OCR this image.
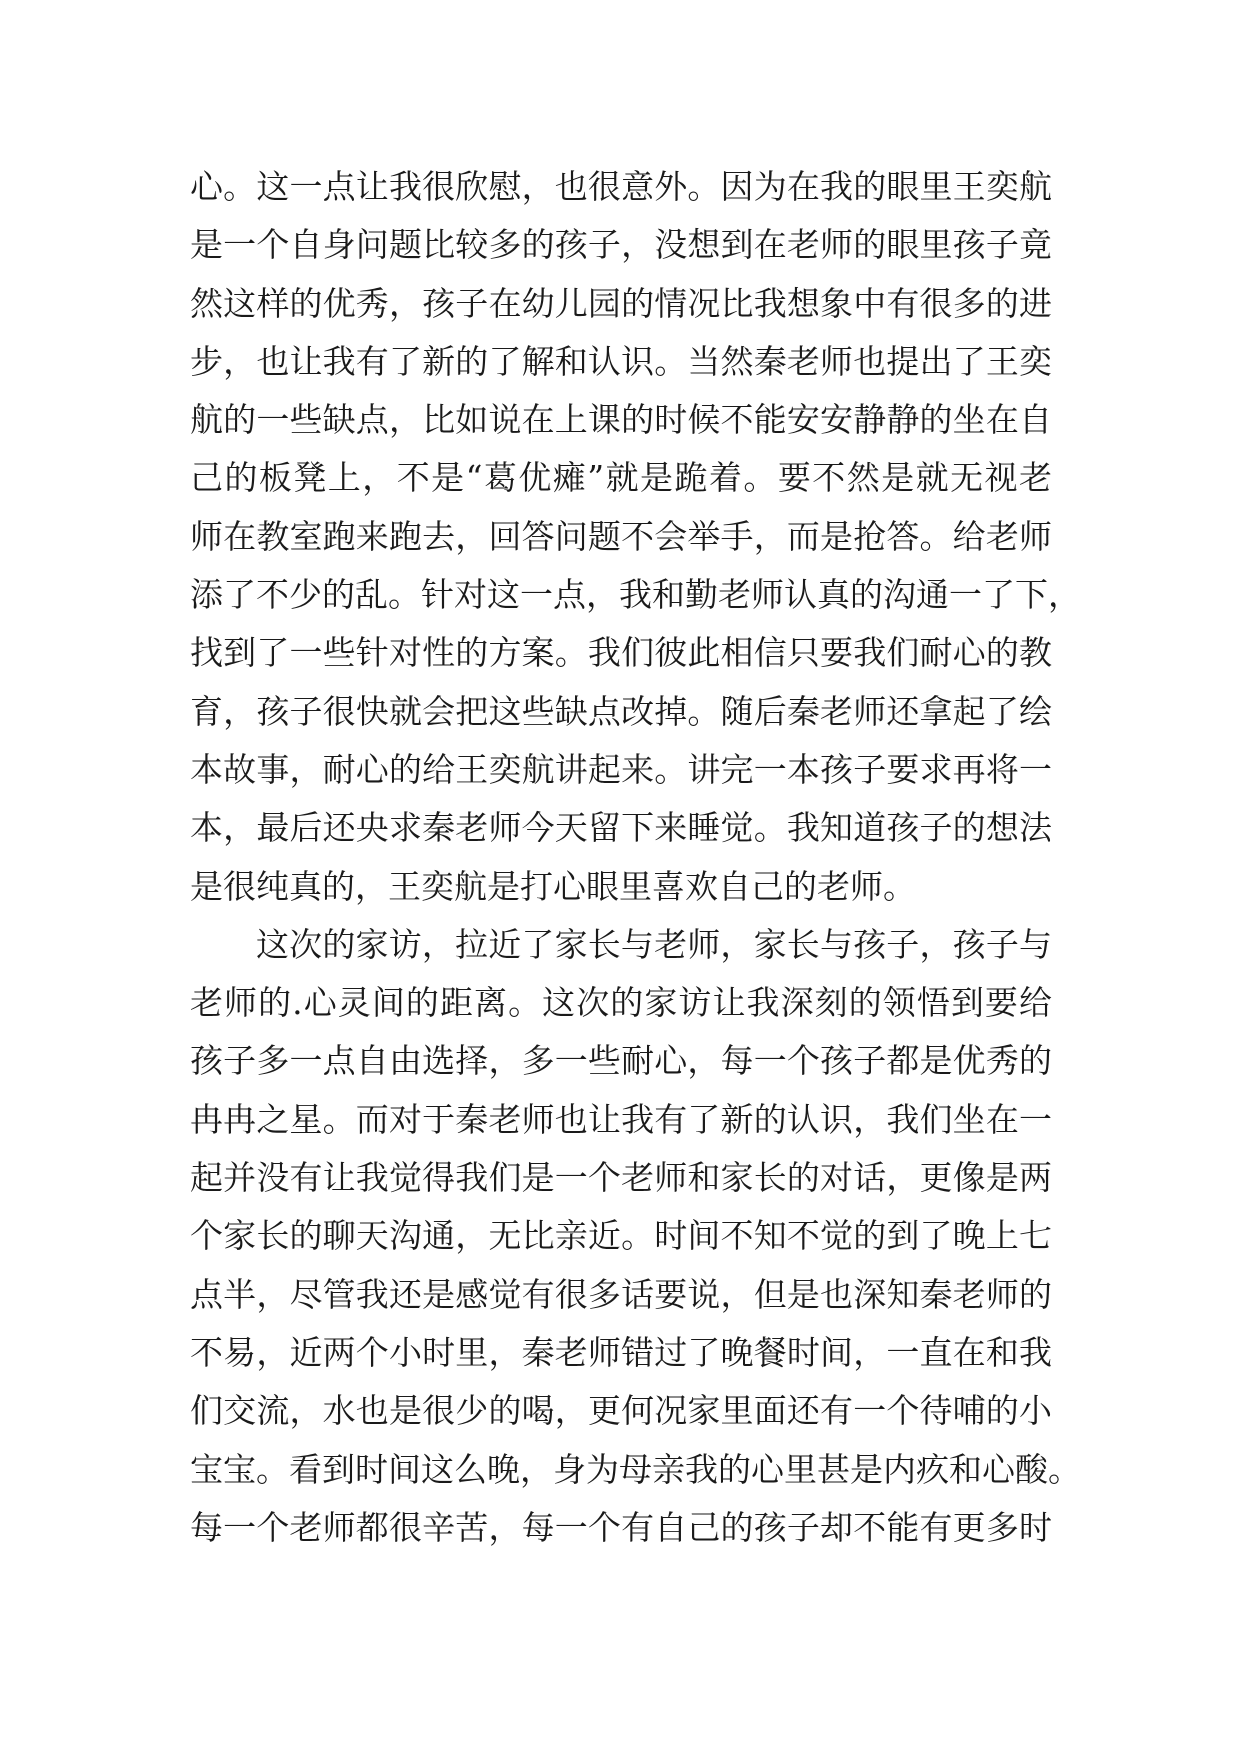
心。这一点让我很欣慰，也很意外。因为在我的眼里王奕航
是一个自身问题比较多的孩子，没想到在老师的眼里孩子竟
然这样的优秀，孩子在幼儿园的情况比我想象中有很多的进
步，也让我有了新的了解和认识。当然秦老师也提出了王奕
航的一些缺点，比如说在上课的时候不能安安静静的坐在自
己的板凳上，不是“葛优瘫”就是跪着。要不然是就无视老
师在教室跑来跑去，回答问题不会举手，而是抢答。给老师
添了不少的乱。针对这一点，我和勤老师认真的沟通一了下，
找到了一些针对性的方案。我们彼此相信只要我们耐心的教
育，孩子很快就会把这些缺点改掉。随后秦老师还拿起了绘
本故事，耐心的给王奕航讲起来。讲完一本孩子要求再将一
本，最后还央求秦老师今天留下来睡觉。我知道孩子的想法
是很纯真的，王奕航是打心眼里喜欢自己的老师。
这次的家访，拉近了家长与老师，家长与孩子，孩子与
老师的.心灵间的距离。这次的家访让我深刻的领悟到要给
孩子多一点自由选择，多一些耐心，每一个孩子都是优秀的
冉冉之星。而对于秦老师也让我有了新的认识，我们坐在一
起并没有让我觉得我们是一个老师和家长的对话，更像是两
个家长的聊天沟通，无比亲近。时间不知不觉的到了晚上七
点半，尽管我还是感觉有很多话要说，但是也深知秦老师的
不易，近两个小时里，秦老师错过了晚餐时间，一直在和我
们交流，水也是很少的喝，更何况家里面还有一个待哺的小
宝宝。看到时间这么晚，身为母亲我的心里甚是内疚和心酸。
每一个老师都很辛苦，每一个有自己的孩子却不能有更多时
